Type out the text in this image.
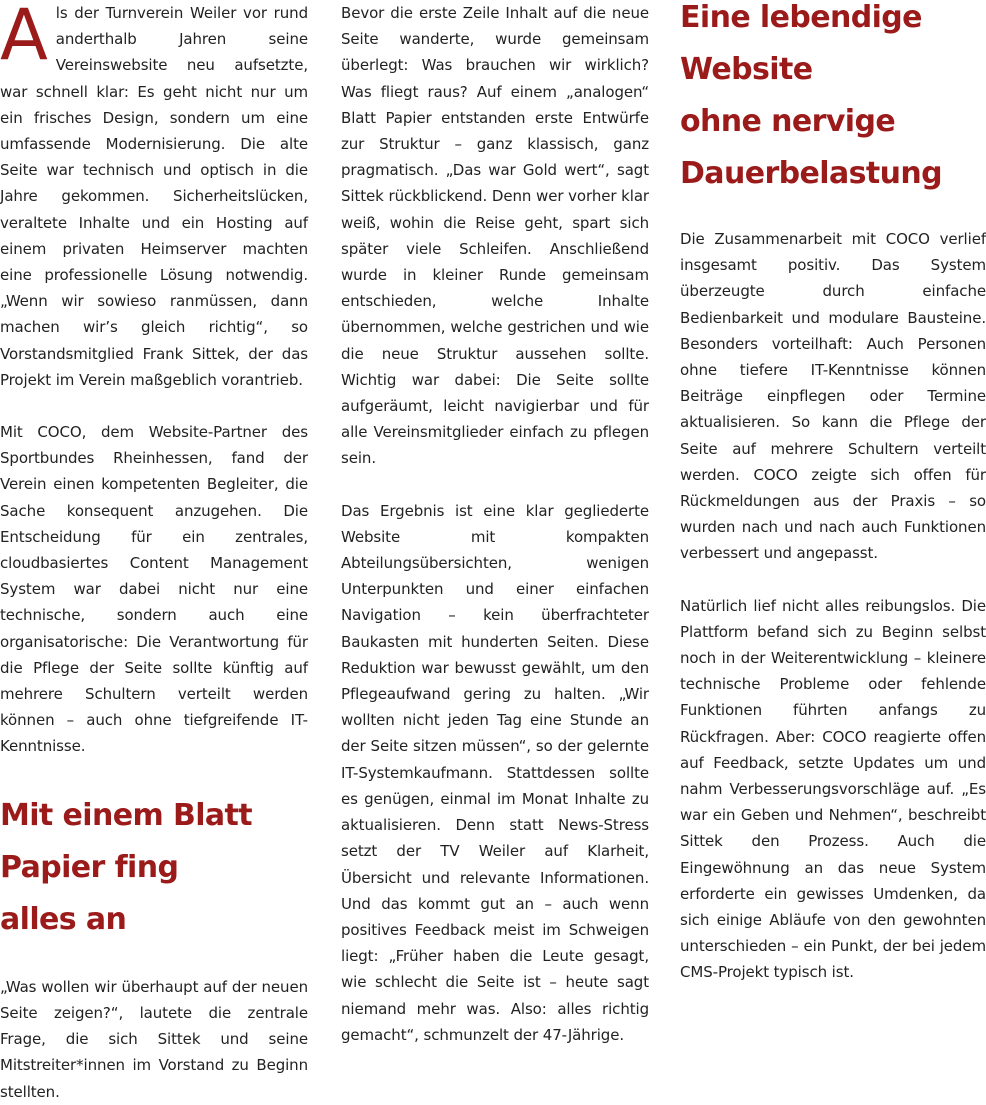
Als der Turnverein Weiler vor rund anderthalb Jahren seine Vereinswebsite neu aufsetzte, war schnell klar: Es geht nicht nur um ein frisches Design, sondern um eine umfassende Modernisierung. Die alte Seite war technisch und optisch in die Jahre gekommen. Sicherheitslücken, veraltete Inhalte und ein Hosting auf einem privaten Heimserver machten eine professionelle Lösung notwendig. „Wenn wir sowieso ranmüssen, dann machen wir’s gleich richtig“, so Vorstandsmitglied Frank Sittek, der das Projekt im Verein maßgeblich vorantrieb.

Mit COCO, dem Website-Partner des Sportbundes Rheinhessen, fand der Verein einen kompetenten Begleiter, die Sache konsequent anzugehen. Die Entscheidung für ein zentrales, cloudbasiertes Content Management System war dabei nicht nur eine technische, sondern auch eine organisatorische: Die Verantwortung für die Pflege der Seite sollte künftig auf mehrere Schultern verteilt werden können – auch ohne tiefgreifende IT-Kenntnisse.

Mit einem Blatt
Papier fing
alles an

„Was wollen wir überhaupt auf der neuen Seite zeigen?“, lautete die zentrale Frage, die sich Sittek und seine Mitstreiter*innen im Vorstand zu Beginn stellten.

Bevor die erste Zeile Inhalt auf die neue Seite wanderte, wurde gemeinsam überlegt: Was brauchen wir wirklich? Was fliegt raus? Auf einem „analogen“ Blatt Papier entstanden erste Entwürfe zur Struktur – ganz klassisch, ganz pragmatisch. „Das war Gold wert“, sagt Sittek rückblickend. Denn wer vorher klar weiß, wohin die Reise geht, spart sich später viele Schleifen. Anschließend wurde in kleiner Runde gemeinsam entschieden, welche Inhalte übernommen, welche gestrichen und wie die neue Struktur aussehen sollte. Wichtig war dabei: Die Seite sollte aufgeräumt, leicht navigierbar und für alle Vereinsmitglieder einfach zu pflegen sein.

Das Ergebnis ist eine klar gegliederte Website mit kompakten Abteilungsübersichten, wenigen Unterpunkten und einer einfachen Navigation – kein überfrachteter Baukasten mit hunderten Seiten. Diese Reduktion war bewusst gewählt, um den Pflegeaufwand gering zu halten. „Wir wollten nicht jeden Tag eine Stunde an der Seite sitzen müssen“, so der gelernte IT-Systemkaufmann. Stattdessen sollte es genügen, einmal im Monat Inhalte zu aktualisieren. Denn statt News-Stress setzt der TV Weiler auf Klarheit, Übersicht und relevante Informationen. Und das kommt gut an – auch wenn positives Feedback meist im Schweigen liegt: „Früher haben die Leute gesagt, wie schlecht die Seite ist – heute sagt niemand mehr was. Also: alles richtig gemacht“, schmunzelt der 47-Jährige.

Eine lebendige
Website
ohne nervige
Dauerbelastung

Die Zusammenarbeit mit COCO verlief insgesamt positiv. Das System überzeugte durch einfache Bedienbarkeit und modulare Bausteine. Besonders vorteilhaft: Auch Personen ohne tiefere IT-Kenntnisse können Beiträge einpflegen oder Termine aktualisieren. So kann die Pflege der Seite auf mehrere Schultern verteilt werden. COCO zeigte sich offen für Rückmeldungen aus der Praxis – so wurden nach und nach auch Funktionen verbessert und angepasst.

Natürlich lief nicht alles reibungslos. Die Plattform befand sich zu Beginn selbst noch in der Weiterentwicklung – kleinere technische Probleme oder fehlende Funktionen führten anfangs zu Rückfragen. Aber: COCO reagierte offen auf Feedback, setzte Updates um und nahm Verbesserungsvorschläge auf. „Es war ein Geben und Nehmen“, beschreibt Sittek den Prozess. Auch die Eingewöhnung an das neue System erforderte ein gewisses Umdenken, da sich einige Abläufe von den gewohnten unterschieden – ein Punkt, der bei jedem CMS-Projekt typisch ist.
